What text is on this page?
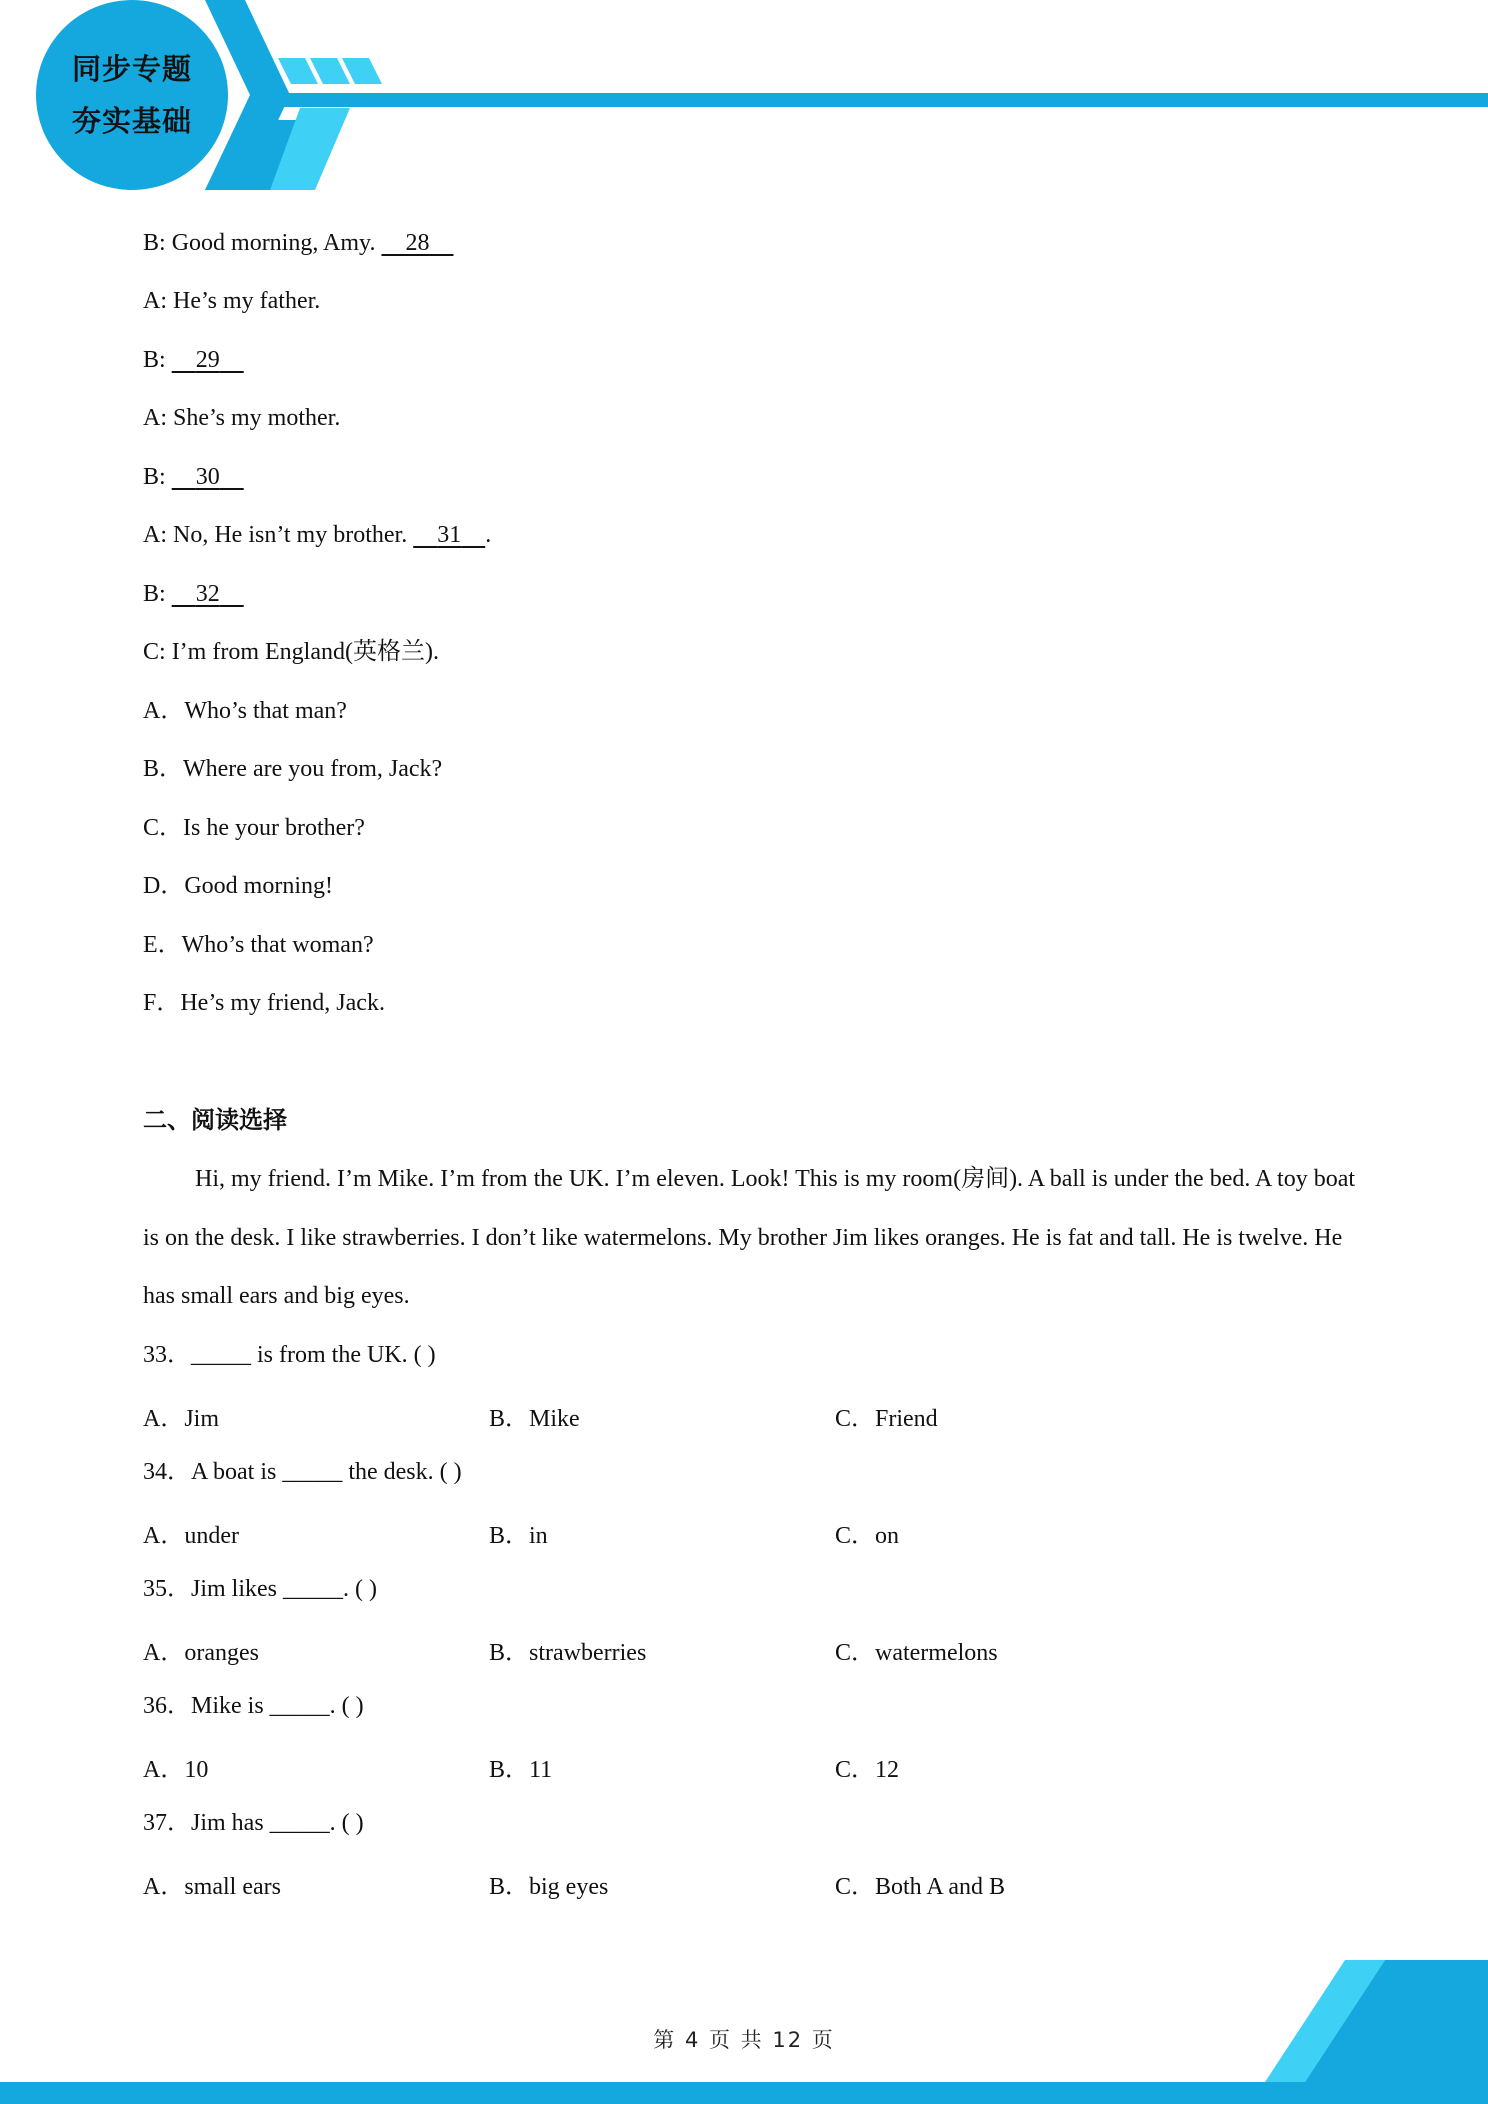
同步专题
夯实基础
B: Good morning, Amy. 28
A: He’s my father.
B: 29
A: She’s my mother.
B: 30
A: No, He isn’t my brother. 31 .
B: 32
C: I’m from England(英格兰).
A．Who’s that man?
B．Where are you from, Jack?
C．Is he your brother?
D．Good morning!
E．Who’s that woman?
F．He’s my friend, Jack.
二、阅读选择
Hi, my friend. I’m Mike. I’m from the UK. I’m eleven. Look! This is my room(房间). A ball is under the bed. A toy boat is on the desk. I like strawberries. I don’t like watermelons. My brother Jim likes oranges. He is fat and tall. He is twelve. He has small ears and big eyes.
33．_____ is from the UK. ( )
A．Jim	B．Mike	C．Friend
34．A boat is _____ the desk. ( )
A．under	B．in	C．on
35．Jim likes _____. ( )
A．oranges	B．strawberries	C．watermelons
36．Mike is _____. ( )
A．10	B．11	C．12
37．Jim has _____. ( )
A．small ears	B．big eyes	C．Both A and B
第 4 页 共 12 页
